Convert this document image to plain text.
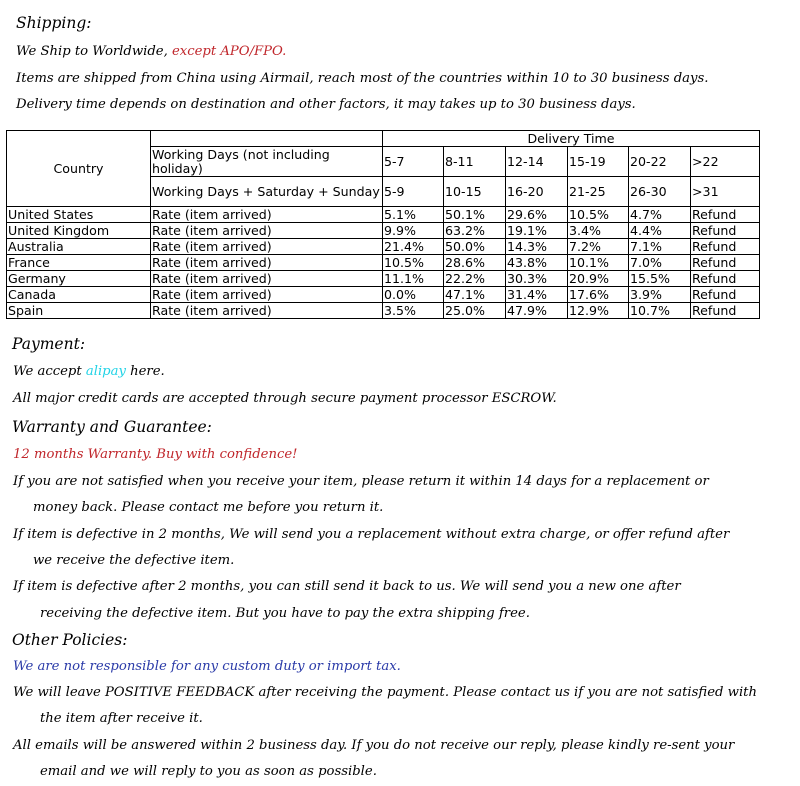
Shipping:
We Ship to Worldwide, except APO/FPO.
Items are shipped from China using Airmail, reach most of the countries within 10 to 30 business days.
Delivery time depends on destination and other factors, it may takes up to 30 business days.
Country		Delivery Time					
	Working Days (not including holiday)	5-7	8-11	12-14	15-19	20-22	>22
	Working Days + Saturday + Sunday	5-9	10-15	16-20	21-25	26-30	>31
United States	Rate (item arrived)	5.1%	50.1%	29.6%	10.5%	4.7%	Refund
United Kingdom	Rate (item arrived)	9.9%	63.2%	19.1%	3.4%	4.4%	Refund
Australia	Rate (item arrived)	21.4%	50.0%	14.3%	7.2%	7.1%	Refund
France	Rate (item arrived)	10.5%	28.6%	43.8%	10.1%	7.0%	Refund
Germany	Rate (item arrived)	11.1%	22.2%	30.3%	20.9%	15.5%	Refund
Canada	Rate (item arrived)	0.0%	47.1%	31.4%	17.6%	3.9%	Refund
Spain	Rate (item arrived)	3.5%	25.0%	47.9%	12.9%	10.7%	Refund
Payment:
We accept alipay here.
All major credit cards are accepted through secure payment processor ESCROW.
Warranty and Guarantee:
12 months Warranty. Buy with confidence!
If you are not satisfied when you receive your item, please return it within 14 days for a replacement or
money back. Please contact me before you return it.
If item is defective in 2 months, We will send you a replacement without extra charge, or offer refund after
we receive the defective item.
If item is defective after 2 months, you can still send it back to us. We will send you a new one after
receiving the defective item. But you have to pay the extra shipping free.
Other Policies:
We are not responsible for any custom duty or import tax.
We will leave POSITIVE FEEDBACK after receiving the payment. Please contact us if you are not satisfied with
the item after receive it.
All emails will be answered within 2 business day. If you do not receive our reply, please kindly re-sent your
email and we will reply to you as soon as possible.
